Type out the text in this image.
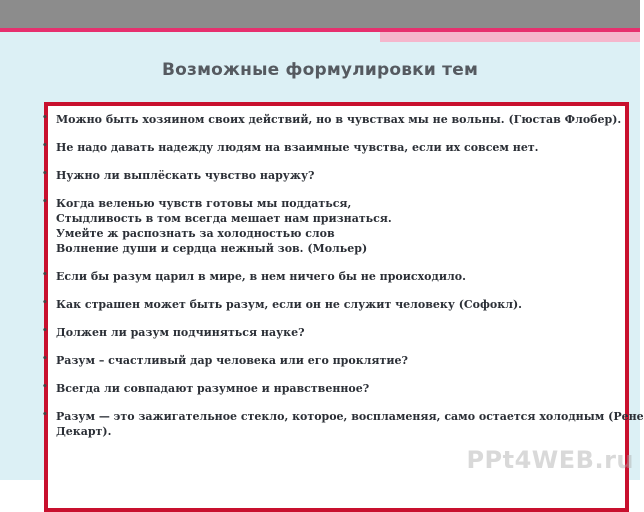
Возможные формулировки тем
• Можно быть хозяином своих действий, но в чувствах мы не вольны. (Гюстав Флобер).
• Не надо давать надежду людям на взаимные чувства, если их совсем нет.
• Нужно ли выплёскать чувство наружу?
• Когда веленью чувств готовы мы поддаться,
Стыдливость в том всегда мешает нам признаться.
Умейте ж распознать за холодностью слов
Волнение души и сердца нежный зов. (Мольер)
• Если бы разум царил в мире, в нем ничего бы не происходило.
• Как страшен может быть разум, если он не служит человеку (Софокл).
• Должен ли разум подчиняться науке?
• Разум – счастливый дар человека или его проклятие?
• Всегда ли совпадают разумное и нравственное?
• Разум — это зажигательное стекло, которое, воспламеняя, само остается холодным (Рене
Декарт).
PPt4WEB.ru
